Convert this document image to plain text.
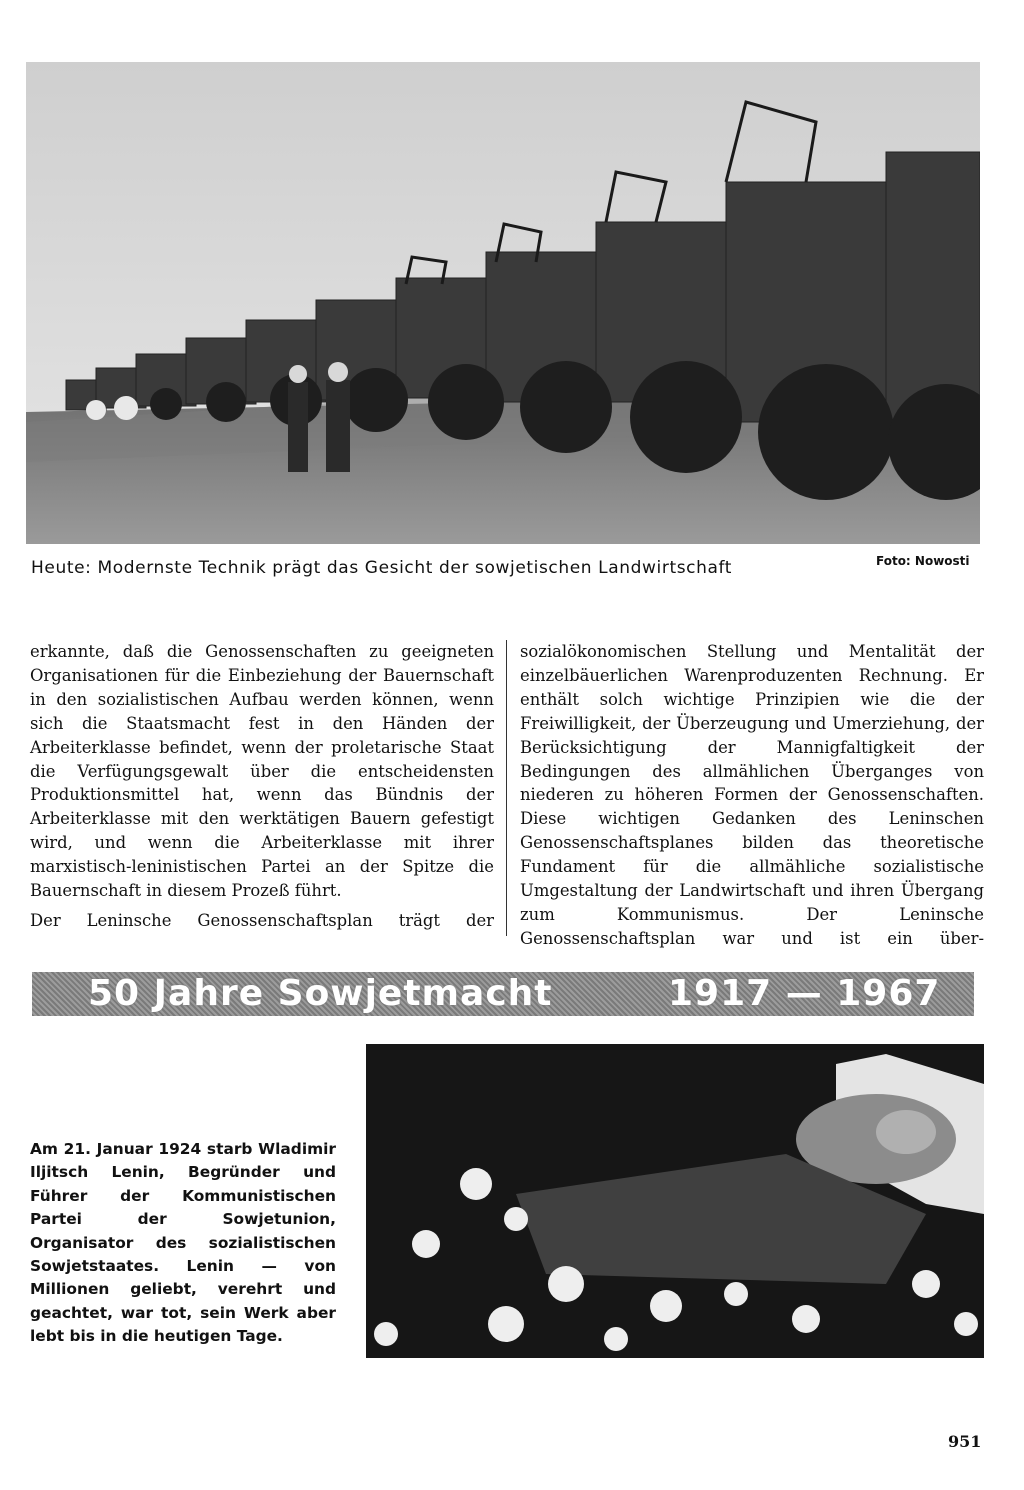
Heute: Modernste Technik prägt das Gesicht der sowjetischen Landwirtschaft	Foto: Nowosti

erkannte, daß die Genossenschaften zu geeigneten Organisationen für die Einbeziehung der Bauernschaft in den sozialistischen Aufbau werden können, wenn sich die Staatsmacht fest in den Händen der Arbeiterklasse befindet, wenn der proletarische Staat die Verfügungsgewalt über die entscheidensten Produktionsmittel hat, wenn das Bündnis der Arbeiterklasse mit den werktätigen Bauern gefestigt wird, und wenn die Arbeiterklasse mit ihrer marxistisch-leninistischen Partei an der Spitze die Bauernschaft in diesem Prozeß führt.

Der Leninsche Genossenschaftsplan trägt der

sozialökonomischen Stellung und Mentalität der einzelbäuerlichen Warenproduzenten Rechnung. Er enthält solch wichtige Prinzipien wie die der Freiwilligkeit, der Überzeugung und Umerziehung, der Berücksichtigung der Mannigfaltigkeit der Bedingungen des allmählichen Überganges von niederen zu höheren Formen der Genossenschaften. Diese wichtigen Gedanken des Leninschen Genossenschaftsplanes bilden das theoretische Fundament für die allmähliche sozialistische Umgestaltung der Landwirtschaft und ihren Übergang zum Kommunismus. Der Leninsche Genossenschaftsplan war und ist ein über-

50 Jahre Sowjetmacht	1917 — 1967
Am 21. Januar 1924 starb Wladimir Iljitsch Lenin, Begründer und Führer der Kommunistischen Partei der Sowjetunion, Organisator des sozialistischen Sowjetstaates. Lenin — von Millionen geliebt, verehrt und geachtet, war tot, sein Werk aber lebt bis in die heutigen Tage.
951
